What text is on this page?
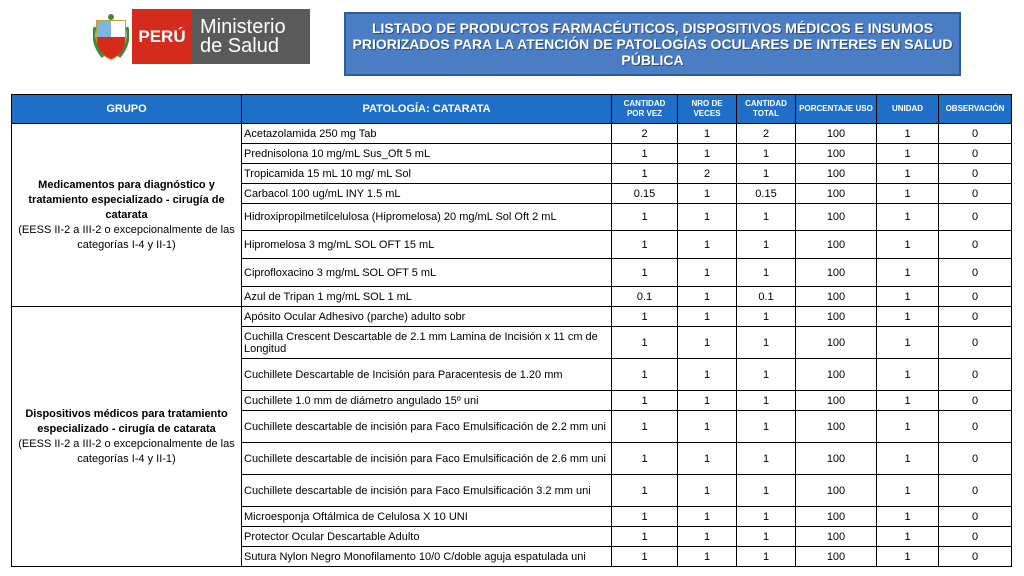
PERÚ Ministerio
de Salud
LISTADO DE PRODUCTOS FARMACÉUTICOS, DISPOSITIVOS MÉDICOS E INSUMOS PRIORIZADOS PARA LA ATENCIÓN DE PATOLOGÍAS OCULARES DE INTERES EN SALUD PÚBLICA
GRUPO	PATOLOGÍA: CATARATA	CANTIDAD POR VEZ	NRO DE VECES	CANTIDAD TOTAL	PORCENTAJE USO	UNIDAD	OBSERVACIÓN
Medicamentos para diagnóstico y tratamiento especializado - cirugía de catarata
(EESS II-2 a III-2 o excepcionalmente de las categorías I-4 y II-1)	Acetazolamida 250 mg Tab	2	1	2	100	1	0
	Prednisolona 10 mg/mL Sus_Oft 5 mL	1	1	1	100	1	0
	Tropicamida 15 mL 10 mg/ mL Sol	1	2	1	100	1	0
	Carbacol 100 ug/mL INY 1.5 mL	0.15	1	0.15	100	1	0
	Hidroxipropilmetilcelulosa (Hipromelosa) 20 mg/mL Sol Oft 2 mL	1	1	1	100	1	0
	Hipromelosa 3 mg/mL SOL OFT 15 mL	1	1	1	100	1	0
	Ciprofloxacino 3 mg/mL SOL OFT 5 mL	1	1	1	100	1	0
	Azul de Tripan 1 mg/mL SOL 1 mL	0.1	1	0.1	100	1	0
Dispositivos médicos para tratamiento especializado - cirugía de catarata
(EESS II-2 a III-2 o excepcionalmente de las categorías I-4 y II-1)	Apósito Ocular Adhesivo (parche) adulto sobr	1	1	1	100	1	0
	Cuchilla Crescent Descartable de 2.1 mm Lamina de Incisión x 11 cm de Longitud	1	1	1	100	1	0
	Cuchillete Descartable de Incisión para Paracentesis de 1.20 mm	1	1	1	100	1	0
	Cuchillete 1.0 mm de diámetro angulado 15º uni	1	1	1	100	1	0
	Cuchillete descartable de incisión para Faco Emulsificación de 2.2 mm uni	1	1	1	100	1	0
	Cuchillete descartable de incisión para Faco Emulsificación de 2.6 mm uni	1	1	1	100	1	0
	Cuchillete descartable de incisión para Faco Emulsificación 3.2 mm uni	1	1	1	100	1	0
	Microesponja Oftálmica de Celulosa X 10 UNI	1	1	1	100	1	0
	Protector Ocular Descartable Adulto	1	1	1	100	1	0
	Sutura Nylon Negro Monofilamento 10/0 C/doble aguja espatulada uni	1	1	1	100	1	0
